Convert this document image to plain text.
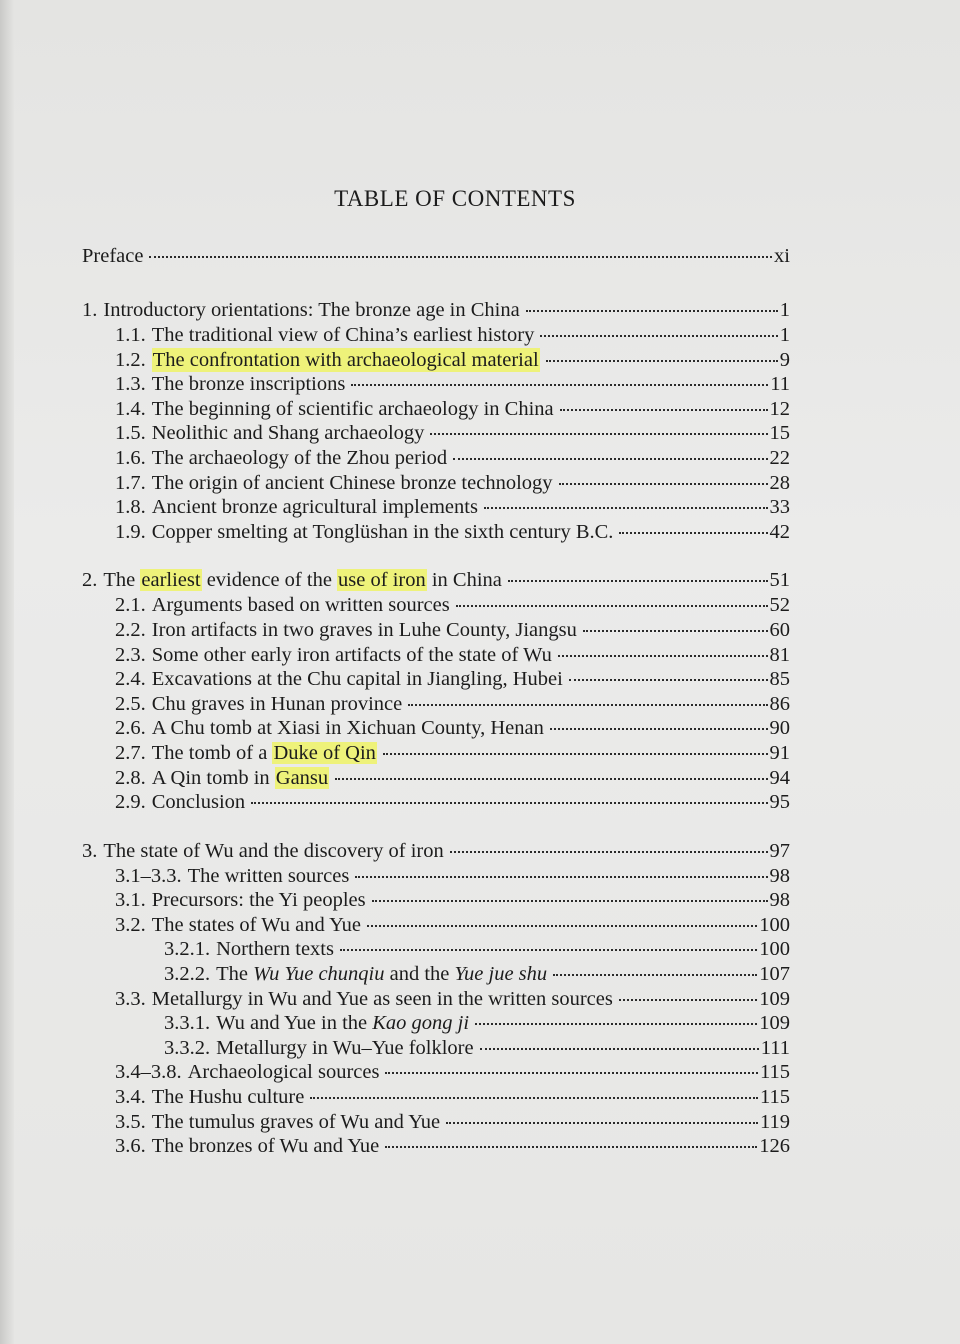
TABLE OF CONTENTS
Preface	xi
1. Introductory orientations: The bronze age in China	1
1.1. The traditional view of China’s earliest history	1
1.2. The confrontation with archaeological material	9
1.3. The bronze inscriptions	11
1.4. The beginning of scientific archaeology in China	12
1.5. Neolithic and Shang archaeology	15
1.6. The archaeology of the Zhou period	22
1.7. The origin of ancient Chinese bronze technology	28
1.8. Ancient bronze agricultural implements	33
1.9. Copper smelting at Tonglüshan in the sixth century B.C.	42
2. The earliest evidence of the use of iron in China	51
2.1. Arguments based on written sources	52
2.2. Iron artifacts in two graves in Luhe County, Jiangsu	60
2.3. Some other early iron artifacts of the state of Wu	81
2.4. Excavations at the Chu capital in Jiangling, Hubei	85
2.5. Chu graves in Hunan province	86
2.6. A Chu tomb at Xiasi in Xichuan County, Henan	90
2.7. The tomb of a Duke of Qin	91
2.8. A Qin tomb in Gansu	94
2.9. Conclusion	95
3. The state of Wu and the discovery of iron	97
3.1–3.3. The written sources	98
3.1. Precursors: the Yi peoples	98
3.2. The states of Wu and Yue	100
3.2.1. Northern texts	100
3.2.2. The Wu Yue chunqiu and the Yue jue shu	107
3.3. Metallurgy in Wu and Yue as seen in the written sources	109
3.3.1. Wu and Yue in the Kao gong ji	109
3.3.2. Metallurgy in Wu–Yue folklore	111
3.4–3.8. Archaeological sources	115
3.4. The Hushu culture	115
3.5. The tumulus graves of Wu and Yue	119
3.6. The bronzes of Wu and Yue	126
